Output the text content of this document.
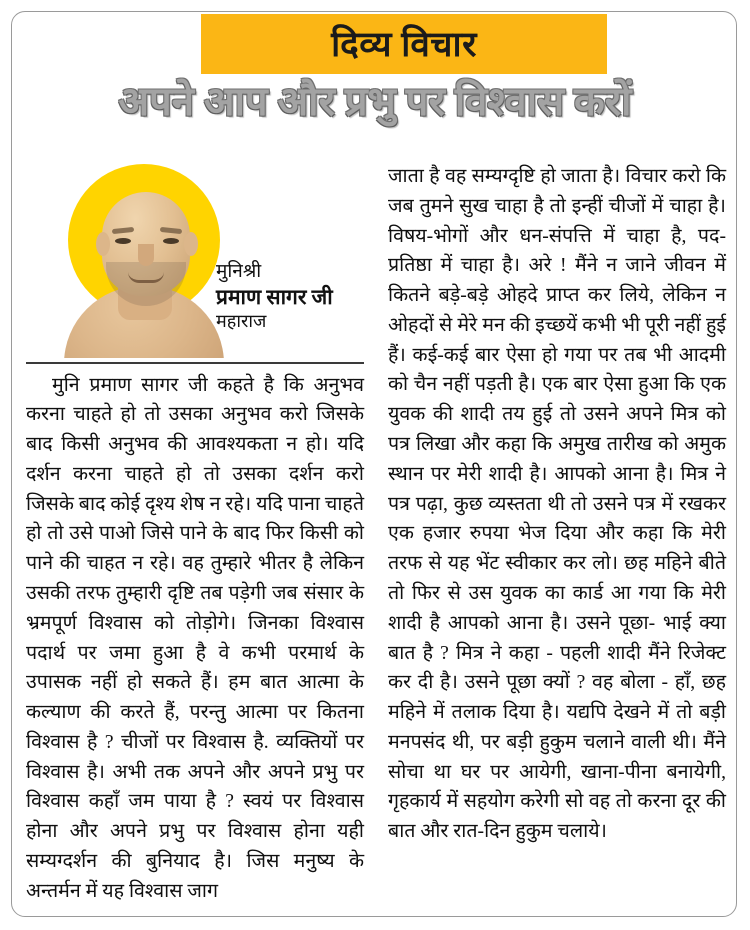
दिव्य विचार
अपने आप और प्रभु पर विश्वास करों
मुनिश्री
प्रमाण सागर जी
महाराज
मुनि प्रमाण सागर जी कहते है कि अनुभव करना चाहते हो तो उसका अनुभव करो जिसके बाद किसी अनुभव की आवश्यकता न हो। यदि दर्शन करना चाहते हो तो उसका दर्शन करो जिसके बाद कोई दृश्य शेष न रहे। यदि पाना चाहते हो तो उसे पाओ जिसे पाने के बाद फिर किसी को पाने की चाहत न रहे। वह तुम्हारे भीतर है लेकिन उसकी तरफ तुम्हारी दृष्टि तब पड़ेगी जब संसार के भ्रमपूर्ण विश्वास को तोड़ोगे। जिनका विश्वास पदार्थ पर जमा हुआ है वे कभी परमार्थ के उपासक नहीं हो सकते हैं। हम बात आत्मा के कल्याण की करते हैं, परन्तु आत्मा पर कितना विश्वास है ? चीजों पर विश्वास है. व्यक्तियों पर विश्वास है। अभी तक अपने और अपने प्रभु पर विश्वास कहाँ जम पाया है ? स्वयं पर विश्वास होना और अपने प्रभु पर विश्वास होना यही सम्यग्दर्शन की बुनियाद है। जिस मनुष्य के अन्तर्मन में यह विश्वास जाग
जाता है वह सम्यग्दृष्टि हो जाता है। विचार करो कि जब तुमने सुख चाहा है तो इन्हीं चीजों में चाहा है। विषय-भोगों और धन-संपत्ति में चाहा है, पद-प्रतिष्ठा में चाहा है। अरे ! मैंने न जाने जीवन में कितने बड़े-बड़े ओहदे प्राप्त कर लिये, लेकिन न ओहदों से मेरे मन की इच्छयें कभी भी पूरी नहीं हुई हैं। कई-कई बार ऐसा हो गया पर तब भी आदमी को चैन नहीं पड़ती है। एक बार ऐसा हुआ कि एक युवक की शादी तय हुई तो उसने अपने मित्र को पत्र लिखा और कहा कि अमुख तारीख को अमुक स्थान पर मेरी शादी है। आपको आना है। मित्र ने पत्र पढ़ा, कुछ व्यस्तता थी तो उसने पत्र में रखकर एक हजार रुपया भेज दिया और कहा कि मेरी तरफ से यह भेंट स्वीकार कर लो। छह महिने बीते तो फिर से उस युवक का कार्ड आ गया कि मेरी शादी है आपको आना है। उसने पूछा- भाई क्या बात है ? मित्र ने कहा - पहली शादी मैंने रिजेक्ट कर दी है। उसने पूछा क्यों ? वह बोला - हाँ, छह महिने में तलाक दिया है। यद्यपि देखने में तो बड़ी मनपसंद थी, पर बड़ी हुकुम चलाने वाली थी। मैंने सोचा था घर पर आयेगी, खाना-पीना बनायेगी, गृहकार्य में सहयोग करेगी सो वह तो करना दूर की बात और रात-दिन हुकुम चलाये।
